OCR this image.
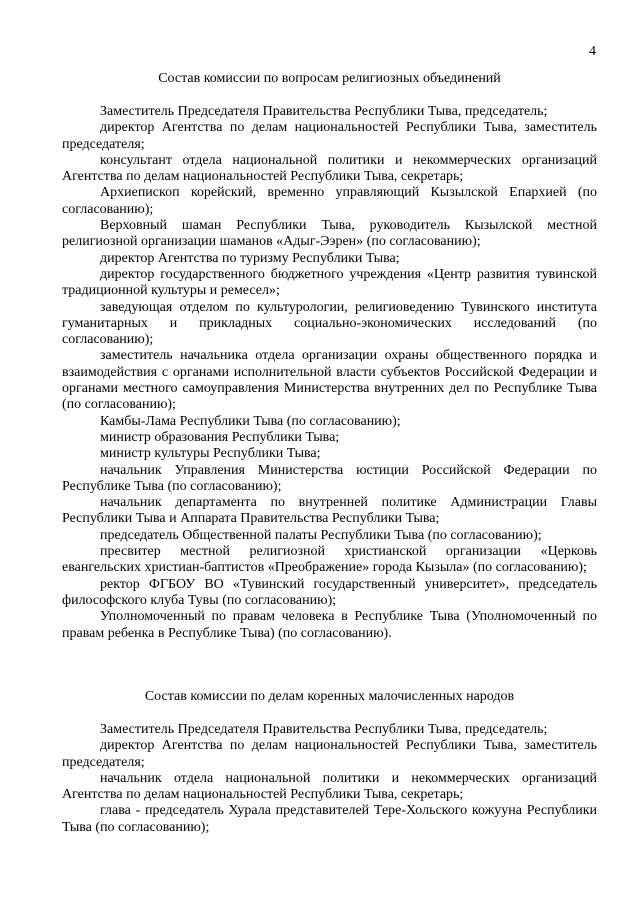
4
Состав комиссии по вопросам религиозных объединений

Заместитель Председателя Правительства Республики Тыва, председатель;

директор Агентства по делам национальностей Республики Тыва, заместитель председателя;

консультант отдела национальной политики и некоммерческих организаций Агентства по делам национальностей Республики Тыва, секретарь;

Архиепископ корейский, временно управляющий Кызылской Епархией (по согласованию);

Верховный шаман Республики Тыва, руководитель Кызылской местной религиозной организации шаманов «Адыг-Ээрен» (по согласованию);

директор Агентства по туризму Республики Тыва;

директор государственного бюджетного учреждения «Центр развития тувинской традиционной культуры и ремесел»;

заведующая отделом по культурологии, религиоведению Тувинского института гуманитарных и прикладных социально-экономических исследований (по согласованию);

заместитель начальника отдела организации охраны общественного порядка и взаимодействия с органами исполнительной власти субъектов Российской Федерации и органами местного самоуправления Министерства внутренних дел по Республике Тыва (по согласованию);

Камбы-Лама Республики Тыва (по согласованию);

министр образования Республики Тыва;

министр культуры Республики Тыва;

начальник Управления Министерства юстиции Российской Федерации по Республике Тыва (по согласованию);

начальник департамента по внутренней политике Администрации Главы Республики Тыва и Аппарата Правительства Республики Тыва;

председатель Общественной палаты Республики Тыва (по согласованию);

пресвитер местной религиозной христианской организации «Церковь евангельских христиан-баптистов «Преображение» города Кызыла» (по согласованию);

ректор ФГБОУ ВО «Тувинский государственный университет», председатель философского клуба Тувы (по согласованию);

Уполномоченный по правам человека в Республике Тыва (Уполномоченный по правам ребенка в Республике Тыва) (по согласованию).

Состав комиссии по делам коренных малочисленных народов

Заместитель Председателя Правительства Республики Тыва, председатель;

директор Агентства по делам национальностей Республики Тыва, заместитель председателя;

начальник отдела национальной политики и некоммерческих организаций Агентства по делам национальностей Республики Тыва, секретарь;

глава - председатель Хурала представителей Тере-Хольского кожууна Республики Тыва (по согласованию);
